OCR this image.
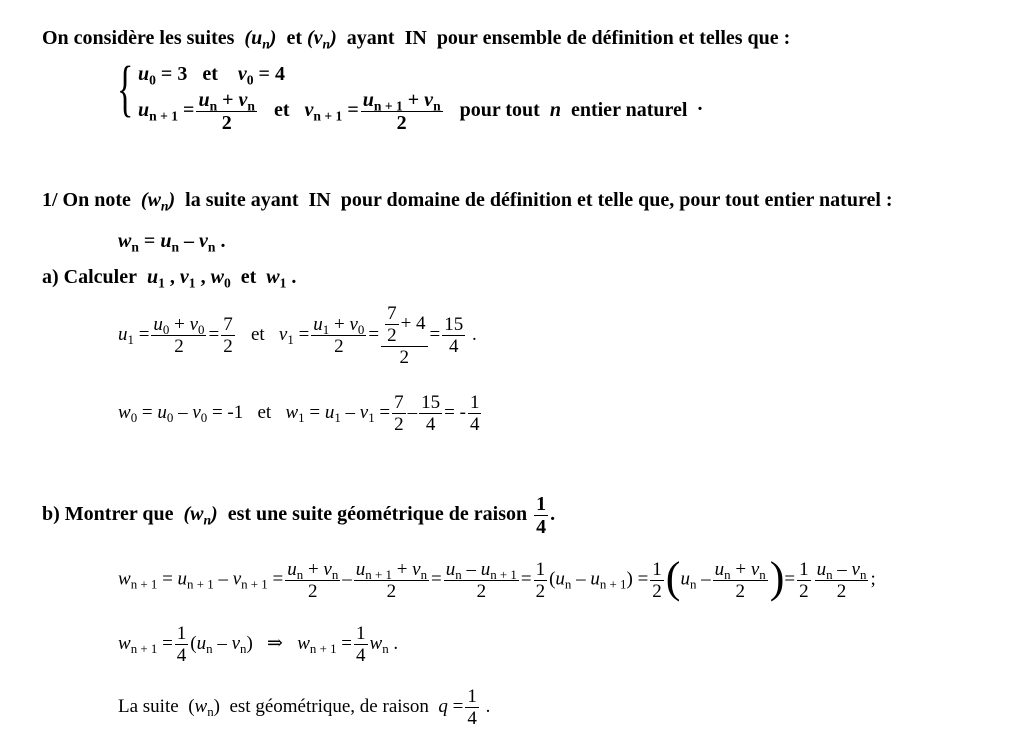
On considère les suites $(u_n)$ et $(v_n)$ ayant IN pour ensemble de définition et telles que :
{ $u_0 = 3$   et    $v_0 = 4$
$u_{n + 1} = \frac{u_n + v_n}{2}$ et   $v_{n + 1} = \frac{u_{n + 1} + v_n}{2}$ pour tout n entier naturel .
1/ On note $(w_n)$ la suite ayant IN pour domaine de définition et telle que, pour tout entier naturel :
$w_n = u_n - v_n$ .
a) Calculer $u_1$ , $v_1$ , $w_0$  et  $w_1$ .
$u_1 = \frac{u_0 + v_0}{2} = \frac{7}{2}$ et   $v_1 = \frac{u_1 + v_0}{2} = \frac{\frac{7}{2} + 4}{2} = \frac{15}{4}$ .
$w_0 = u_0 - v_0 = -1$   et   $w_1 = u_1 - v_1 = \frac{7}{2} - \frac{15}{4}$ = - $\frac{1}{4}$
b) Montrer que $(w_n)$ est une suite géométrique de raison $\frac{1}{4}$ .
$w_{n + 1} = u_{n + 1} - v_{n + 1} = \frac{u_n + v_n}{2} - \frac{u_{n + 1} + v_n}{2} = \frac{u_n - u_{n + 1}}{2} = \frac{1}{2} (u_n - u_{n + 1}) = \frac{1}{2} (u_n - \frac{u_n + v_n}{2}$ )= $\frac{1}{2} \frac{u_n - v_n}{2}$ ;
$w_{n + 1} = \frac{1}{4} (u_n - v_n)$   ⇒   $w_{n + 1} = \frac{1}{4} w_n$ .
La suite  $(w_n)$  est géométrique, de raison $q = \frac{1}{4}$ .
